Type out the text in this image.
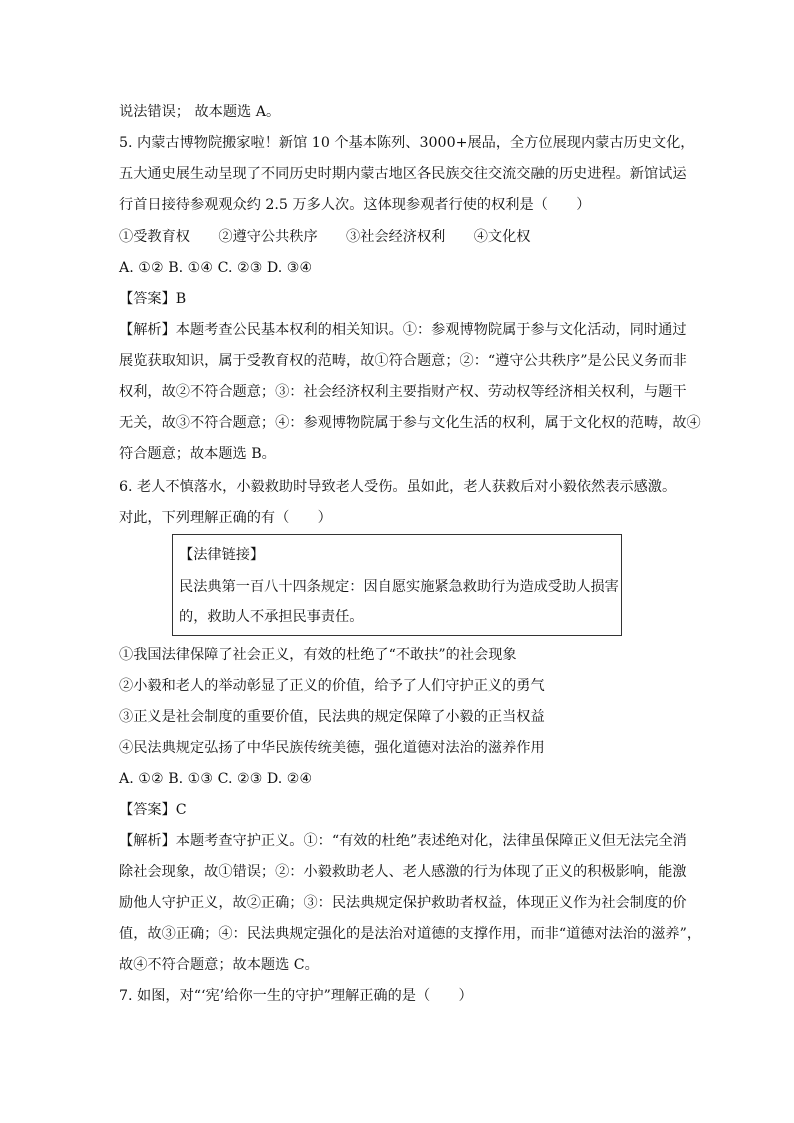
说法错误； 故本题选 A。
5. 内蒙古博物院搬家啦！新馆 10 个基本陈列、3000+展品，全方位展现内蒙古历史文化，
五大通史展生动呈现了不同历史时期内蒙古地区各民族交往交流交融的历史进程。新馆试运
行首日接待参观观众约 2.5 万多人次。这体现参观者行使的权利是（　　）
①受教育权　　②遵守公共秩序　　③社会经济权利　　④文化权
A. ①② B. ①④ C. ②③ D. ③④
【答案】B
【解析】本题考查公民基本权利的相关知识。①：参观博物院属于参与文化活动，同时通过
展览获取知识，属于受教育权的范畴，故①符合题意；②：“遵守公共秩序”是公民义务而非
权利，故②不符合题意；③：社会经济权利主要指财产权、劳动权等经济相关权利，与题干
无关，故③不符合题意；④：参观博物院属于参与文化生活的权利，属于文化权的范畴，故④
符合题意；故本题选 B。
6. 老人不慎落水，小毅救助时导致老人受伤。虽如此，老人获救后对小毅依然表示感激。
对此，下列理解正确的有（　　）
【法律链接】
民法典第一百八十四条规定：因自愿实施紧急救助行为造成受助人损害
的，救助人不承担民事责任。
①我国法律保障了社会正义，有效的杜绝了“不敢扶”的社会现象
②小毅和老人的举动彰显了正义的价值，给予了人们守护正义的勇气
③正义是社会制度的重要价值，民法典的规定保障了小毅的正当权益
④民法典规定弘扬了中华民族传统美德，强化道德对法治的滋养作用
A. ①② B. ①③ C. ②③ D. ②④
【答案】C
【解析】本题考查守护正义。①：“有效的杜绝”表述绝对化，法律虽保障正义但无法完全消
除社会现象，故①错误；②：小毅救助老人、老人感激的行为体现了正义的积极影响，能激
励他人守护正义，故②正确；③：民法典规定保护救助者权益，体现正义作为社会制度的价
值，故③正确；④：民法典规定强化的是法治对道德的支撑作用，而非“道德对法治的滋养”，
故④不符合题意；故本题选 C。
7. 如图，对“‘宪’给你一生的守护”理解正确的是（　　）
